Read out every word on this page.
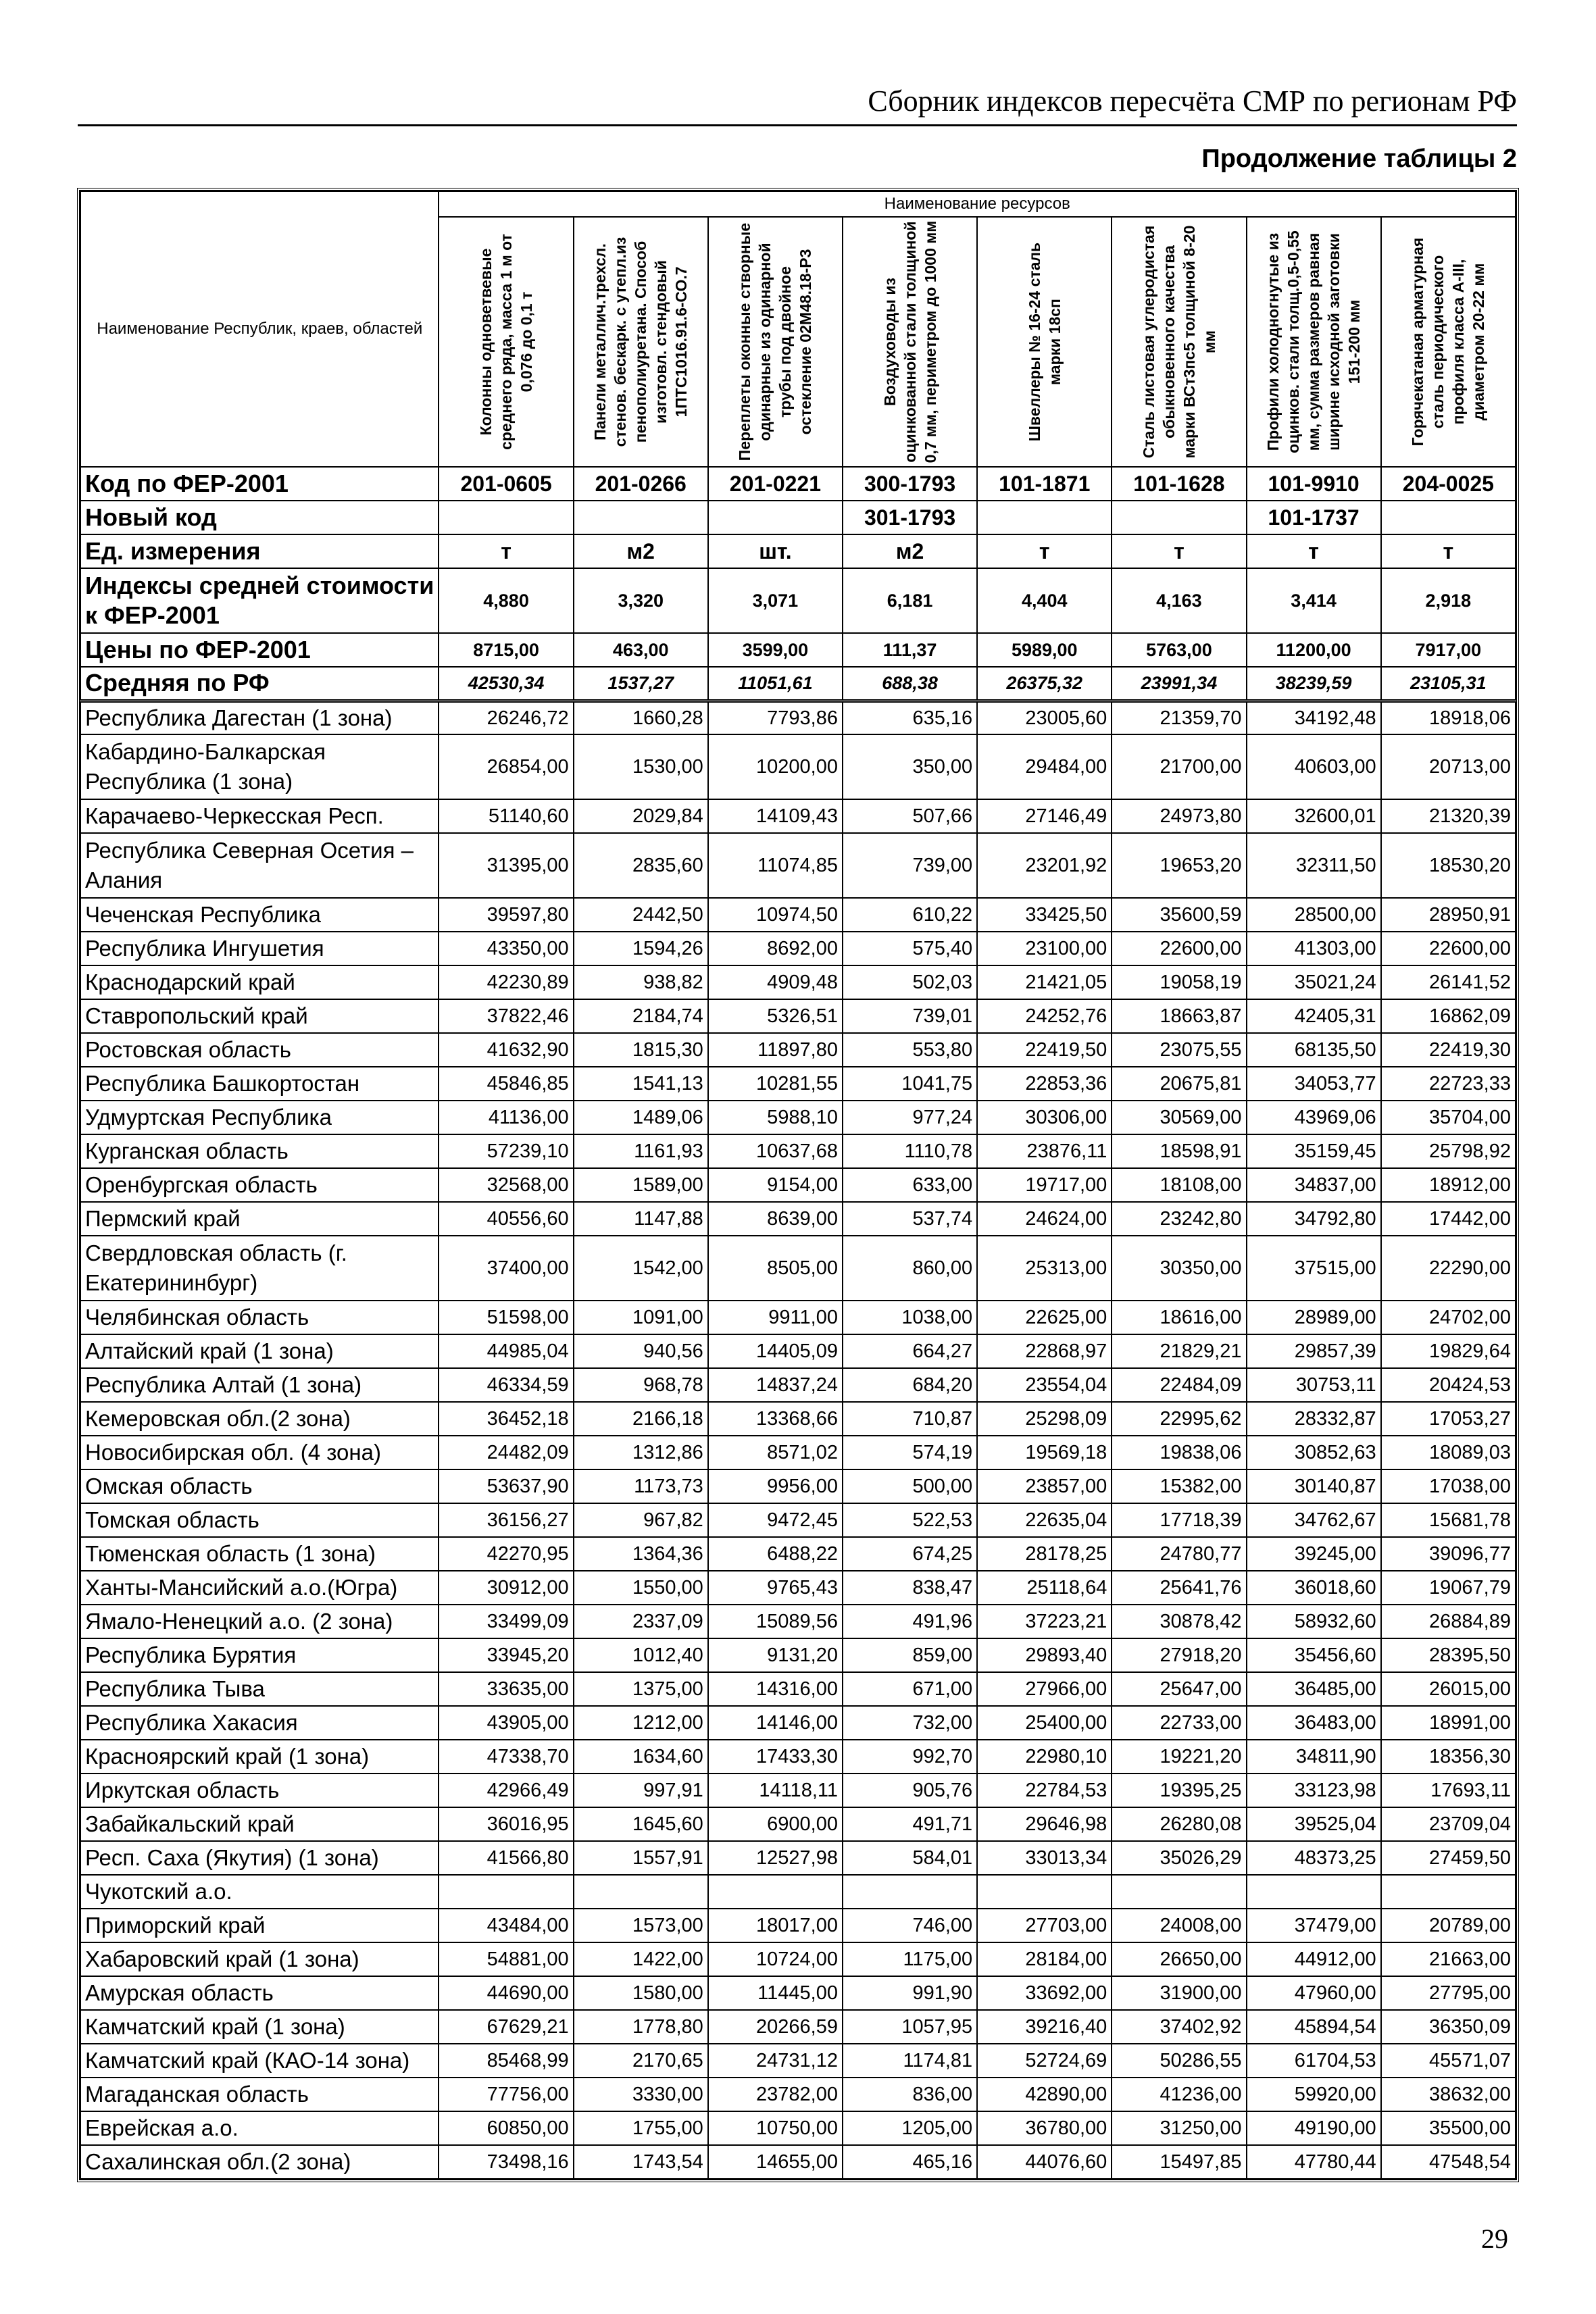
Сборник индексов пересчёта СМР по регионам РФ
Продолжение таблицы 2
Наименование Республик, краев, областей	Наименование ресурсов							

	Колонны одноветвевые среднего ряда, масса 1 м от 0,076 до 0,1 т	Панели металлич.трехсл. стенов. бескарк. с утепл.из пенополиуретана. Способ изготовл. стендовый 1ПТС1016.91.6-СО.7	Переплеты оконные створные одинарные из одинарной трубы под двойное остекление 02М48.18-Р3	Воздуховоды из оцинкованной стали толщиной 0,7 мм, периметром до 1000 мм	Швеллеры № 16-24 сталь марки 18сп	Сталь листовая углеродистая обыкновенного качества марки ВСт3пс5 толщиной 8-20 мм	Профили холодногнутые из оцинков. стали толщ.0,5-0,55 мм, сумма размеров равная ширине исходной заготовки 151-200 мм	Горячекатаная арматурная сталь периодического профиля класса А-III, диаметром 20-22 мм

Код по ФЕР-2001	201-0605	201-0266	201-0221	300-1793	101-1871	101-1628	101-9910	204-0025
Новый код				301-1793			101-1737	
Ед. измерения	т	м2	шт.	м2	т	т	т	т
Индексы средней стоимости к ФЕР-2001	4,880	3,320	3,071	6,181	4,404	4,163	3,414	2,918
Цены по ФЕР-2001	8715,00	463,00	3599,00	111,37	5989,00	5763,00	11200,00	7917,00
Средняя по РФ	42530,34	1537,27	11051,61	688,38	26375,32	23991,34	38239,59	23105,31
Республика Дагестан (1 зона)	26246,72	1660,28	7793,86	635,16	23005,60	21359,70	34192,48	18918,06
Кабардино-Балкарская Республика (1 зона)	26854,00	1530,00	10200,00	350,00	29484,00	21700,00	40603,00	20713,00
Карачаево-Черкесская Респ.	51140,60	2029,84	14109,43	507,66	27146,49	24973,80	32600,01	21320,39
Республика Северная Осетия – Алания	31395,00	2835,60	11074,85	739,00	23201,92	19653,20	32311,50	18530,20
Чеченская Республика	39597,80	2442,50	10974,50	610,22	33425,50	35600,59	28500,00	28950,91
Республика Ингушетия	43350,00	1594,26	8692,00	575,40	23100,00	22600,00	41303,00	22600,00
Краснодарский край	42230,89	938,82	4909,48	502,03	21421,05	19058,19	35021,24	26141,52
Ставропольский край	37822,46	2184,74	5326,51	739,01	24252,76	18663,87	42405,31	16862,09
Ростовская область	41632,90	1815,30	11897,80	553,80	22419,50	23075,55	68135,50	22419,30
Республика Башкортостан	45846,85	1541,13	10281,55	1041,75	22853,36	20675,81	34053,77	22723,33
Удмуртская Республика	41136,00	1489,06	5988,10	977,24	30306,00	30569,00	43969,06	35704,00
Курганская область	57239,10	1161,93	10637,68	1110,78	23876,11	18598,91	35159,45	25798,92
Оренбургская область	32568,00	1589,00	9154,00	633,00	19717,00	18108,00	34837,00	18912,00
Пермский край	40556,60	1147,88	8639,00	537,74	24624,00	23242,80	34792,80	17442,00
Свердловская область (г. Екатерининбург)	37400,00	1542,00	8505,00	860,00	25313,00	30350,00	37515,00	22290,00
Челябинская область	51598,00	1091,00	9911,00	1038,00	22625,00	18616,00	28989,00	24702,00
Алтайский край (1 зона)	44985,04	940,56	14405,09	664,27	22868,97	21829,21	29857,39	19829,64
Республика Алтай (1 зона)	46334,59	968,78	14837,24	684,20	23554,04	22484,09	30753,11	20424,53
Кемеровская обл.(2 зона)	36452,18	2166,18	13368,66	710,87	25298,09	22995,62	28332,87	17053,27
Новосибирская обл. (4 зона)	24482,09	1312,86	8571,02	574,19	19569,18	19838,06	30852,63	18089,03
Омская область	53637,90	1173,73	9956,00	500,00	23857,00	15382,00	30140,87	17038,00
Томская область	36156,27	967,82	9472,45	522,53	22635,04	17718,39	34762,67	15681,78
Тюменская область (1 зона)	42270,95	1364,36	6488,22	674,25	28178,25	24780,77	39245,00	39096,77
Ханты-Мансийский а.о.(Югра)	30912,00	1550,00	9765,43	838,47	25118,64	25641,76	36018,60	19067,79
Ямало-Ненецкий а.о. (2 зона)	33499,09	2337,09	15089,56	491,96	37223,21	30878,42	58932,60	26884,89
Республика Бурятия	33945,20	1012,40	9131,20	859,00	29893,40	27918,20	35456,60	28395,50
Республика Тыва	33635,00	1375,00	14316,00	671,00	27966,00	25647,00	36485,00	26015,00
Республика Хакасия	43905,00	1212,00	14146,00	732,00	25400,00	22733,00	36483,00	18991,00
Красноярский край (1 зона)	47338,70	1634,60	17433,30	992,70	22980,10	19221,20	34811,90	18356,30
Иркутская область	42966,49	997,91	14118,11	905,76	22784,53	19395,25	33123,98	17693,11
Забайкальский край	36016,95	1645,60	6900,00	491,71	29646,98	26280,08	39525,04	23709,04
Респ. Саха (Якутия) (1 зона)	41566,80	1557,91	12527,98	584,01	33013,34	35026,29	48373,25	27459,50
Чукотский а.о.								
Приморский край	43484,00	1573,00	18017,00	746,00	27703,00	24008,00	37479,00	20789,00
Хабаровский край (1 зона)	54881,00	1422,00	10724,00	1175,00	28184,00	26650,00	44912,00	21663,00
Амурская область	44690,00	1580,00	11445,00	991,90	33692,00	31900,00	47960,00	27795,00
Камчатский край (1 зона)	67629,21	1778,80	20266,59	1057,95	39216,40	37402,92	45894,54	36350,09
Камчатский край (КАО-14 зона)	85468,99	2170,65	24731,12	1174,81	52724,69	50286,55	61704,53	45571,07
Магаданская область	77756,00	3330,00	23782,00	836,00	42890,00	41236,00	59920,00	38632,00
Еврейская а.о.	60850,00	1755,00	10750,00	1205,00	36780,00	31250,00	49190,00	35500,00
Сахалинская обл.(2 зона)	73498,16	1743,54	14655,00	465,16	44076,60	15497,85	47780,44	47548,54
29
